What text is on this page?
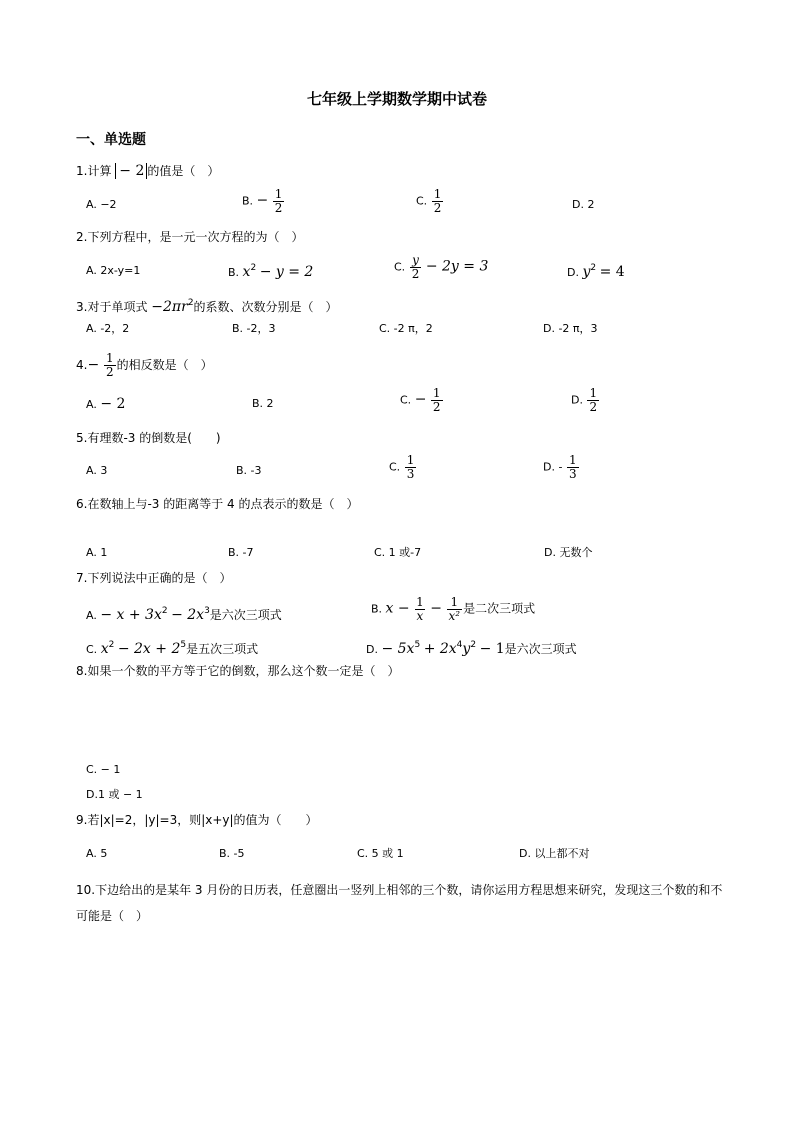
七年级上学期数学期中试卷
一、单选题
1.计算 − 2 的值是（　）
A. −2	B. − $\frac{1}{2}$	C. $\frac{1}{2}$	D. 2
2.下列方程中，是一元一次方程的为（　）
A. 2x-y=1	B. $x^2 - y = 2$	C. $\frac{y}{2} - 2y = 3$	D. $y^2 = 4$
3.对于单项式 $-2\pi r^2$的系数、次数分别是（　）
A. -2，2	B. -2，3	C. -2 π，2	D. -2 π，3
$4.- \frac{1}{2}$ 的相反数是（　）
A. − 2	B. 2	C. − $\frac{1}{2}$	D. $\frac{1}{2}$
5.有理数-3 的倒数是(　　)
A. 3	B. -3	C. $\frac{1}{3}$	D. - $\frac{1}{3}$
6.在数轴上与-3 的距离等于 4 的点表示的数是（　）
A. 1	B. -7	C. 1 或-7	D. 无数个
7.下列说法中正确的是（　）
A. − $x + 3x^2 - 2x^3$是六次三项式	B. $x - \frac{1}{x} - \frac{1}{\text{x²}}$ 是二次三项式
C. $x^2 - 2x + 2^5$是五次三项式	D. − $5x^5 + 2x^4y^2 - 1$是六次三项式
8.如果一个数的平方等于它的倒数，那么这个数一定是（　）
C. − 1
D.1 或 − 1
9.若|x|=2，|y|=3，则|x+y|的值为（　　）
A. 5	B. -5	C. 5 或 1	D. 以上都不对
10.下边给出的是某年 3 月份的日历表，任意圈出一竖列上相邻的三个数，请你运用方程思想来研究，发现这三个数的和不可能是（　）
